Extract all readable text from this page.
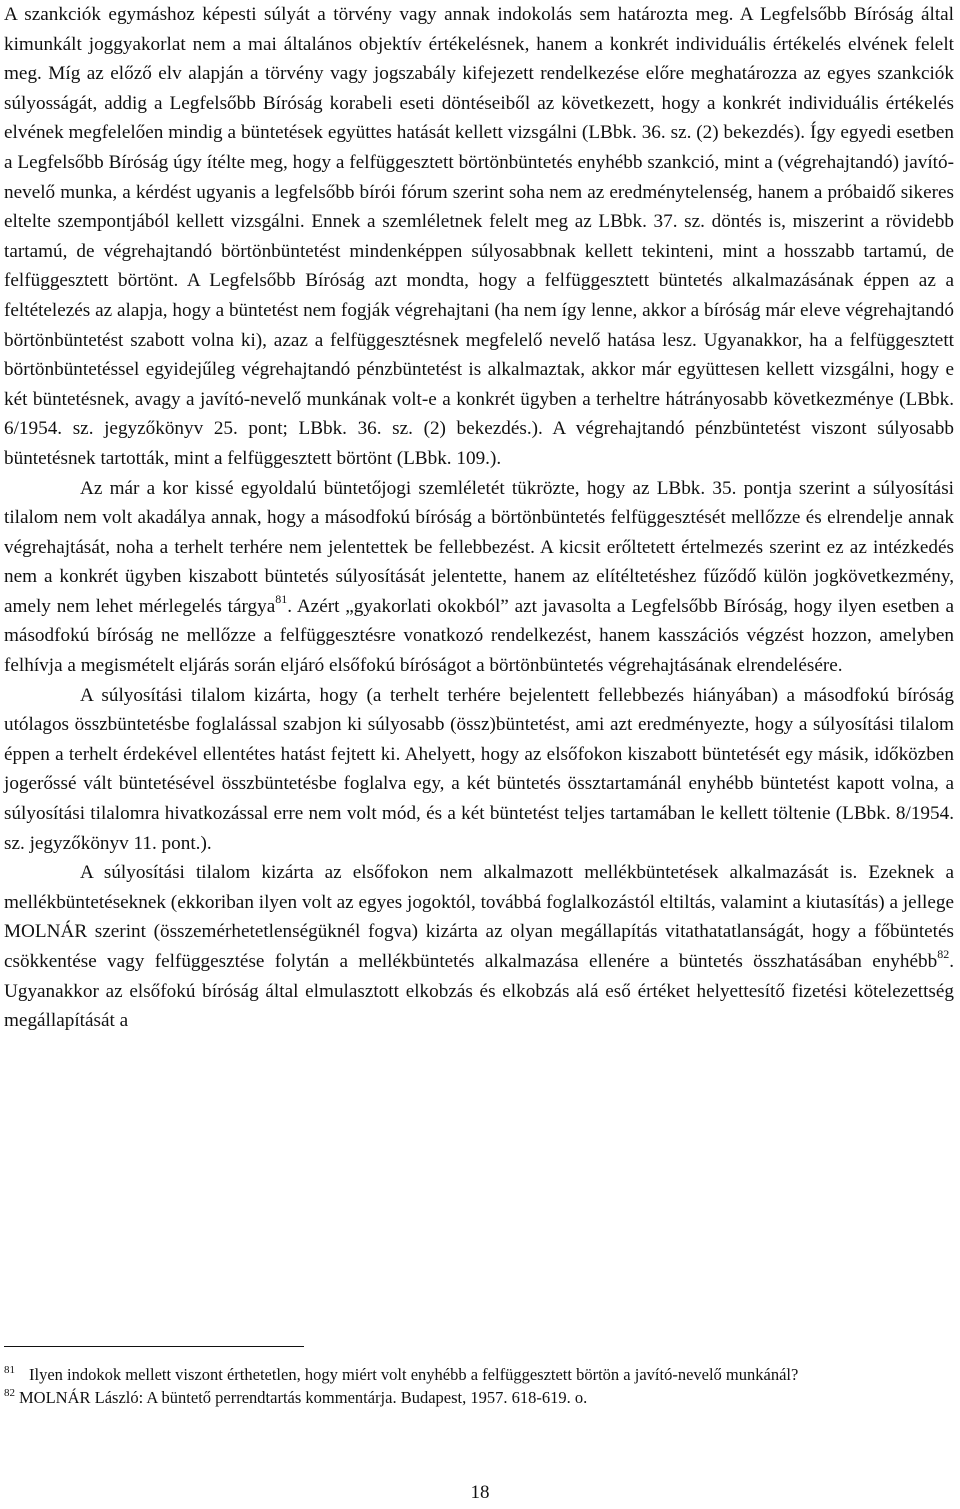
A szankciók egymáshoz képesti súlyát a törvény vagy annak indokolás sem határozta meg. A Legfelsőbb Bíróság által kimunkált joggyakorlat nem a mai általános objektív értékelésnek, hanem a konkrét individuális értékelés elvének felelt meg. Míg az előző elv alapján a törvény vagy jogszabály kifejezett rendelkezése előre meghatározza az egyes szankciók súlyosságát, addig a Legfelsőbb Bíróság korabeli eseti döntéseiből az következett, hogy a konkrét individuális értékelés elvének megfelelően mindig a büntetések együttes hatását kellett vizsgálni (LBbk. 36. sz. (2) bekezdés). Így egyedi esetben a Legfelsőbb Bíróság úgy ítélte meg, hogy a felfüggesztett börtönbüntetés enyhébb szankció, mint a (végrehajtandó) javító-nevelő munka, a kérdést ugyanis a legfelsőbb bírói fórum szerint soha nem az eredménytelenség, hanem a próbaidő sikeres eltelte szempontjából kellett vizsgálni. Ennek a szemléletnek felelt meg az LBbk. 37. sz. döntés is, miszerint a rövidebb tartamú, de végrehajtandó börtönbüntetést mindenképpen súlyosabbnak kellett tekinteni, mint a hosszabb tartamú, de felfüggesztett börtönt. A Legfelsőbb Bíróság azt mondta, hogy a felfüggesztett büntetés alkalmazásának éppen az a feltételezés az alapja, hogy a büntetést nem fogják végrehajtani (ha nem így lenne, akkor a bíróság már eleve végrehajtandó börtönbüntetést szabott volna ki), azaz a felfüggesztésnek megfelelő nevelő hatása lesz. Ugyanakkor, ha a felfüggesztett börtönbüntetéssel egyidejűleg végrehajtandó pénzbüntetést is alkalmaztak, akkor már együttesen kellett vizsgálni, hogy e két büntetésnek, avagy a javító-nevelő munkának volt-e a konkrét ügyben a terheltre hátrányosabb következménye (LBbk. 6/1954. sz. jegyzőkönyv 25. pont; LBbk. 36. sz. (2) bekezdés.). A végrehajtandó pénzbüntetést viszont súlyosabb büntetésnek tartották, mint a felfüggesztett börtönt (LBbk. 109.).

Az már a kor kissé egyoldalú büntetőjogi szemléletét tükrözte, hogy az LBbk. 35. pontja szerint a súlyosítási tilalom nem volt akadálya annak, hogy a másodfokú bíróság a börtönbüntetés felfüggesztését mellőzze és elrendelje annak végrehajtását, noha a terhelt terhére nem jelentettek be fellebbezést. A kicsit erőltetett értelmezés szerint ez az intézkedés nem a konkrét ügyben kiszabott büntetés súlyosítását jelentette, hanem az elítéltetéshez fűződő külön jogkövetkezmény, amely nem lehet mérlegelés tárgya$^{81}$. Azért „gyakorlati okokból” azt javasolta a Legfelsőbb Bíróság, hogy ilyen esetben a másodfokú bíróság ne mellőzze a felfüggesztésre vonatkozó rendelkezést, hanem kasszációs végzést hozzon, amelyben felhívja a megismételt eljárás során eljáró elsőfokú bíróságot a börtönbüntetés végrehajtásának elrendelésére.

A súlyosítási tilalom kizárta, hogy (a terhelt terhére bejelentett fellebbezés hiányában) a másodfokú bíróság utólagos összbüntetésbe foglalással szabjon ki súlyosabb (össz)büntetést, ami azt eredményezte, hogy a súlyosítási tilalom éppen a terhelt érdekével ellentétes hatást fejtett ki. Ahelyett, hogy az elsőfokon kiszabott büntetését egy másik, időközben jogerőssé vált büntetésével összbüntetésbe foglalva egy, a két büntetés össztartamánál enyhébb büntetést kapott volna, a súlyosítási tilalomra hivatkozással erre nem volt mód, és a két büntetést teljes tartamában le kellett töltenie (LBbk. 8/1954. sz. jegyzőkönyv 11. pont.).

A súlyosítási tilalom kizárta az elsőfokon nem alkalmazott mellékbüntetések alkalmazását is. Ezeknek a mellékbüntetéseknek (ekkoriban ilyen volt az egyes jogoktól, továbbá foglalkozástól eltiltás, valamint a kiutasítás) a jellege MOLNÁR szerint (összemérhetetlenségüknél fogva) kizárta az olyan megállapítás vitathatatlanságát, hogy a főbüntetés csökkentése vagy felfüggesztése folytán a mellékbüntetés alkalmazása ellenére a büntetés összhatásában enyhébb$^{82}$. Ugyanakkor az elsőfokú bíróság által elmulasztott elkobzás és elkobzás alá eső értéket helyettesítő fizetési kötelezettség megállapítását a

$^{81}$ Ilyen indokok mellett viszont érthetetlen, hogy miért volt enyhébb a felfüggesztett börtön a javító-nevelő munkánál?

$^{82}$ MOLNÁR László: A büntető perrendtartás kommentárja. Budapest, 1957. 618-619. o.

18
